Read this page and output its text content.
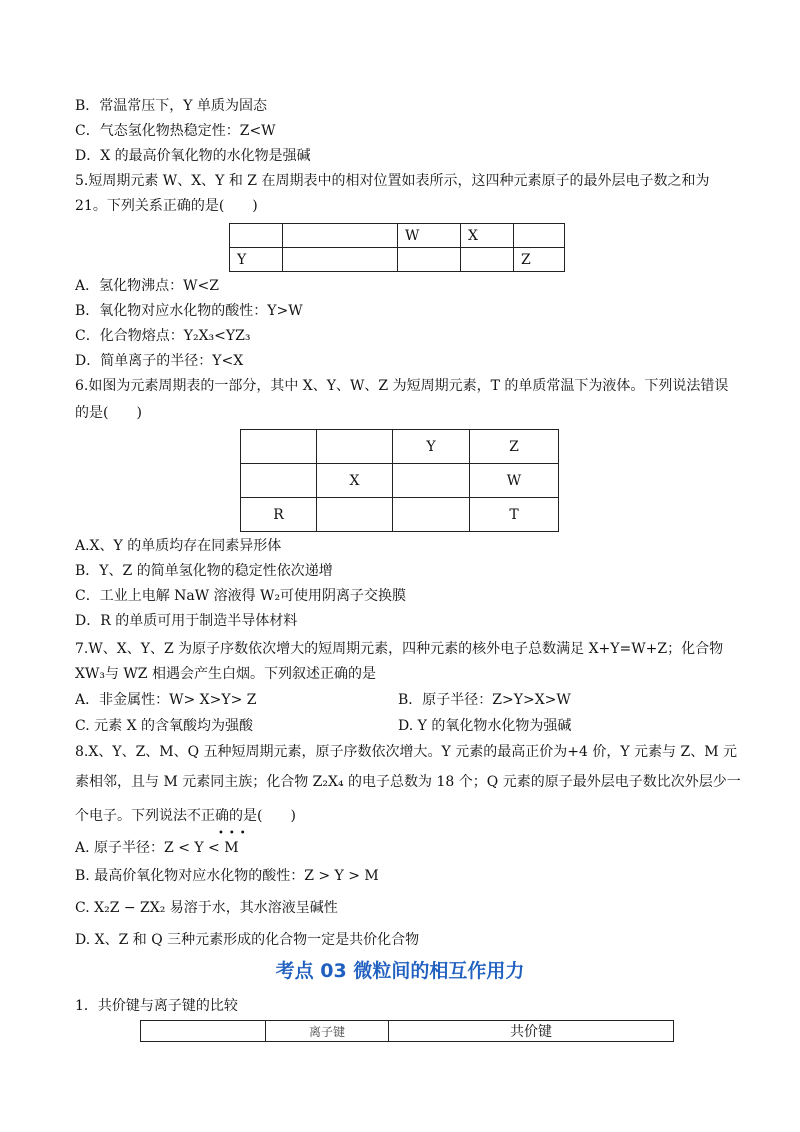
B．常温常压下，Y 单质为固态
C．气态氢化物热稳定性：Z<W
D．X 的最高价氧化物的水化物是强碱
5.短周期元素 W、X、Y 和 Z 在周期表中的相对位置如表所示，这四种元素原子的最外层电子数之和为
21。下列关系正确的是(　　)
		W	X	
Y				Z
A．氢化物沸点：W<Z
B．氧化物对应水化物的酸性：Y>W
C．化合物熔点：Y₂X₃<YZ₃
D．简单离子的半径：Y<X
6.如图为元素周期表的一部分，其中 X、Y、W、Z 为短周期元素，T 的单质常温下为液体。下列说法错误
的是(　　)
		Y	Z
	X		W
R			T
A.X、Y 的单质均存在同素异形体
B．Y、Z 的简单氢化物的稳定性依次递增
C．工业上电解 NaW 溶液得 W₂可使用阴离子交换膜
D．R 的单质可用于制造半导体材料
7.W、X、Y、Z 为原子序数依次增大的短周期元素，四种元素的核外电子总数满足 X+Y=W+Z；化合物
XW₃与 WZ 相遇会产生白烟。下列叙述正确的是
A．非金属性：W> X>Y> Z	B．原子半径：Z>Y>X>W
C. 元素 X 的含氧酸均为强酸	D. Y 的氧化物水化物为强碱
8.X、Y、Z、M、Q 五种短周期元素，原子序数依次增大。Y 元素的最高正价为+4 价，Y 元素与 Z、M 元
素相邻，且与 M 元素同主族；化合物 Z₂X₄ 的电子总数为 18 个；Q 元素的原子最外层电子数比次外层少一
个电子。下列说法不正确的是(　　)
•••
A. 原子半径：Z < Y < M
B. 最高价氧化物对应水化物的酸性：Z > Y > M
C. X₂Z − ZX₂ 易溶于水，其水溶液呈碱性
D. X、Z 和 Q 三种元素形成的化合物一定是共价化合物
考点 03 微粒间的相互作用力
1．共价键与离子键的比较
	离子键	共价键
